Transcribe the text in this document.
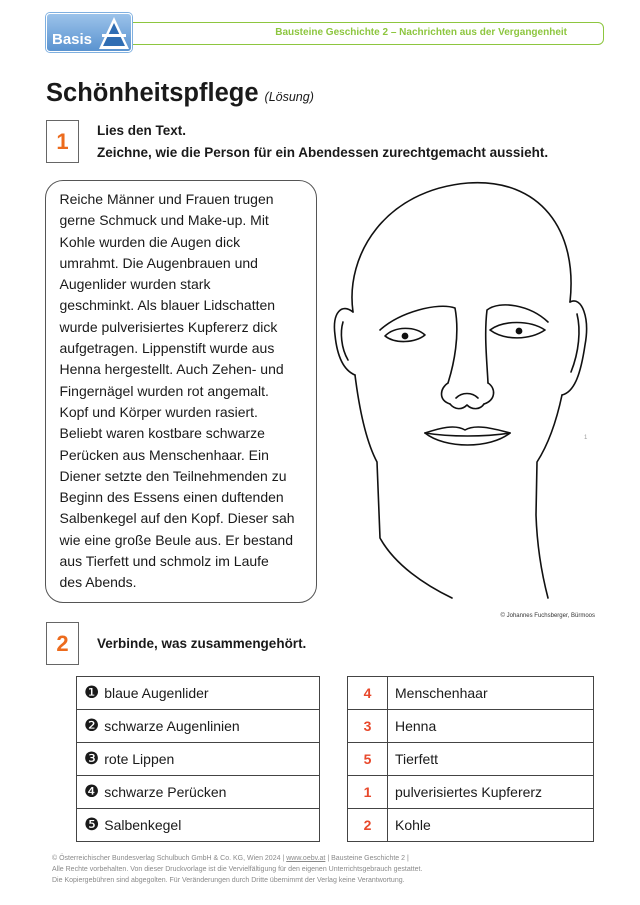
Bausteine Geschichte 2 – Nachrichten aus der Vergangenheit
Basis
Schönheitspflege (Lösung)
1 Lies den Text.
Zeichne, wie die Person für ein Abendessen zurechtgemacht aussieht.
Reiche Männer und Frauen trugen
gerne Schmuck und Make-up. Mit
Kohle wurden die Augen dick
umrahmt. Die Augenbrauen und
Augenlider wurden stark
geschminkt. Als blauer Lidschatten
wurde pulverisiertes Kupfererz dick
aufgetragen. Lippenstift wurde aus
Henna hergestellt. Auch Zehen- und
Fingernägel wurden rot angemalt.
Kopf und Körper wurden rasiert.
Beliebt waren kostbare schwarze
Perücken aus Menschenhaar. Ein
Diener setzte den Teilnehmenden zu
Beginn des Essens einen duftenden
Salbenkegel auf den Kopf. Dieser sah
wie eine große Beule aus. Er bestand
aus Tierfett und schmolz im Laufe
des Abends.
1
© Johannes Fuchsberger, Bürmoos
2 Verbinde, was zusammengehört.
❶ blaue Augenlider
❷ schwarze Augenlinien
❸ rote Lippen
❹ schwarze Perücken
❺ Salbenkegel
4	Menschenhaar
3	Henna
5	Tierfett
1	pulverisiertes Kupfererz
2	Kohle
© Österreichischer Bundesverlag Schulbuch GmbH & Co. KG, Wien 2024 | www.oebv.at | Bausteine Geschichte 2 |
Alle Rechte vorbehalten. Von dieser Druckvorlage ist die Vervielfältigung für den eigenen Unterrichtsgebrauch gestattet.
Die Kopiergebühren sind abgegolten. Für Veränderungen durch Dritte übernimmt der Verlag keine Verantwortung.
